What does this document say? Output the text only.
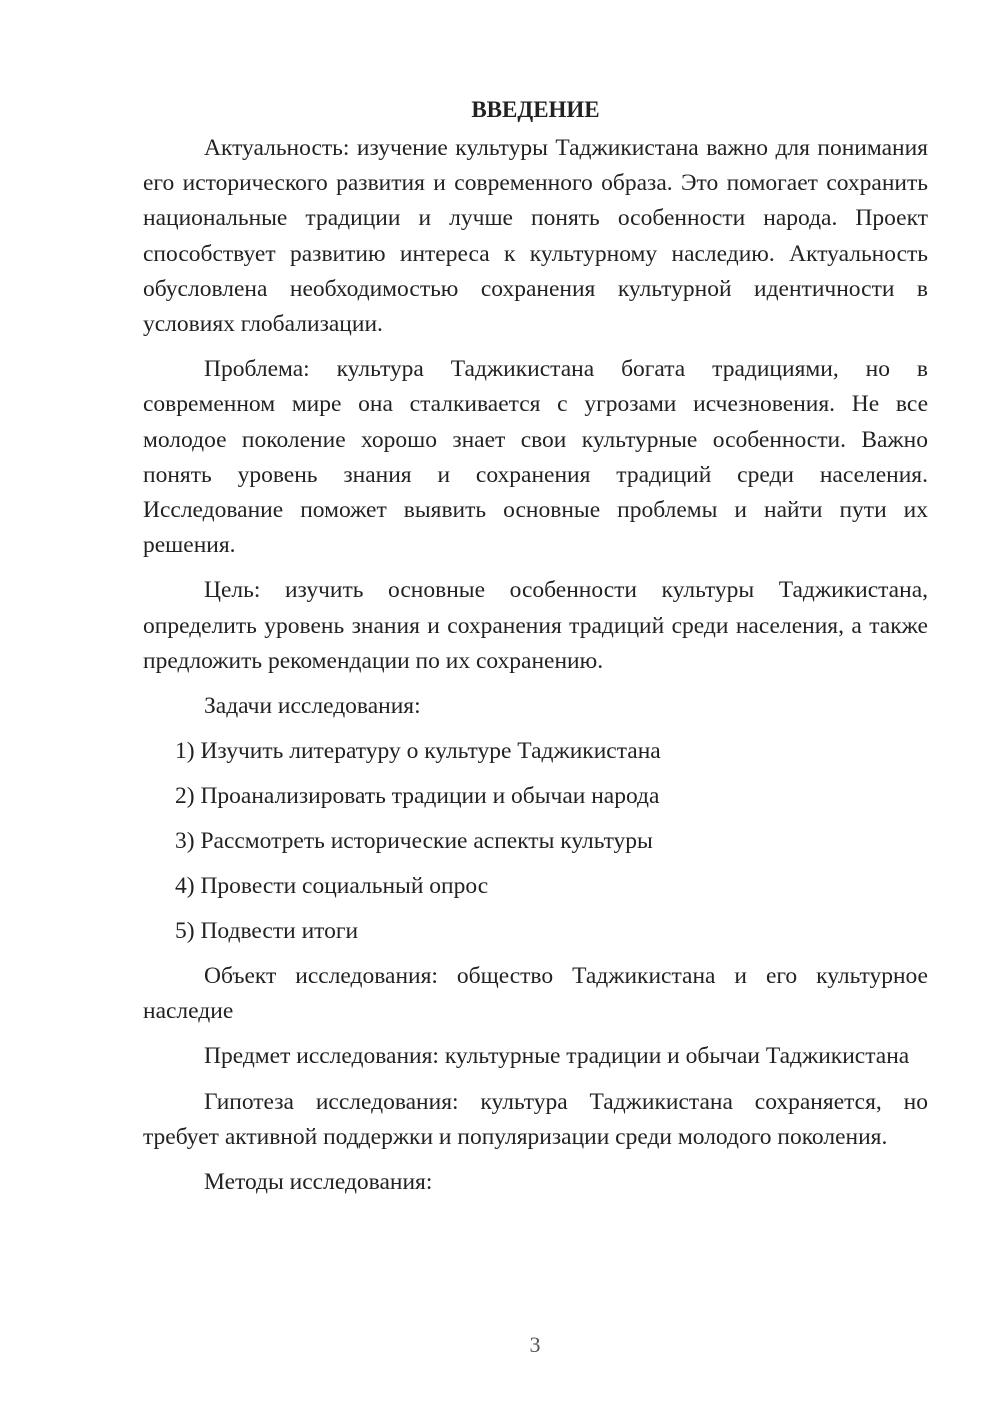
ВВЕДЕНИЕ

Актуальность: изучение культуры Таджикистана важно для понимания его исторического развития и современного образа. Это помогает сохранить национальные традиции и лучше понять особенности народа. Проект способствует развитию интереса к культурному наследию. Актуальность обусловлена необходимостью сохранения культурной идентичности в условиях глобализации.

Проблема: культура Таджикистана богата традициями, но в современном мире она сталкивается с угрозами исчезновения. Не все молодое поколение хорошо знает свои культурные особенности. Важно понять уровень знания и сохранения традиций среди населения. Исследование поможет выявить основные проблемы и найти пути их решения.

Цель: изучить основные особенности культуры Таджикистана, определить уровень знания и сохранения традиций среди населения, а также предложить рекомендации по их сохранению.

Задачи исследования:
1) Изучить литературу о культуре Таджикистана
2) Проанализировать традиции и обычаи народа
3) Рассмотреть исторические аспекты культуры
4) Провести социальный опрос
5) Подвести итоги

Объект исследования: общество Таджикистана и его культурное наследие

Предмет исследования: культурные традиции и обычаи Таджикистана

Гипотеза исследования: культура Таджикистана сохраняется, но требует активной поддержки и популяризации среди молодого поколения.

Методы исследования:
3
